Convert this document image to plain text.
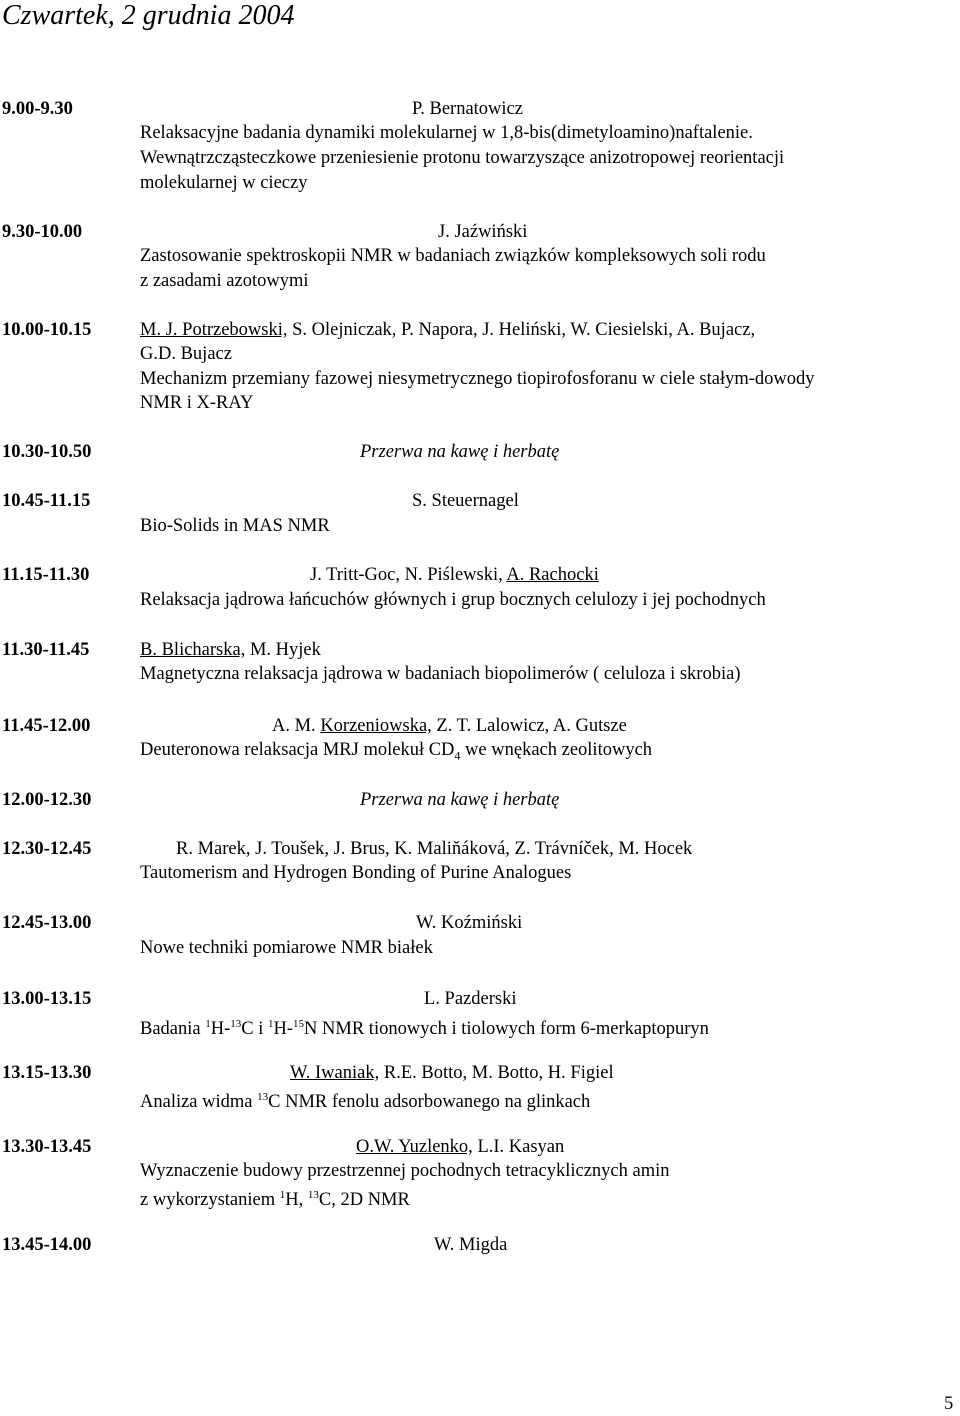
Czwartek, 2 grudnia 2004
9.00-9.30	P. Bernatowicz
Relaksacyjne badania dynamiki molekularnej w 1,8-bis(dimetyloamino)naftalenie.
Wewnątrzcząsteczkowe przeniesienie protonu towarzyszące anizotropowej reorientacji
molekularnej w cieczy
9.30-10.00	J. Jaźwiński
Zastosowanie spektroskopii NMR w badaniach związków kompleksowych soli rodu
z zasadami azotowymi
10.00-10.15	M. J. Potrzebowski, S. Olejniczak, P. Napora, J. Heliński, W. Ciesielski, A. Bujacz,
G.D. Bujacz
Mechanizm przemiany fazowej niesymetrycznego tiopirofosforanu w ciele stałym-dowody
NMR i X-RAY
10.30-10.50	Przerwa na kawę i herbatę
10.45-11.15	S. Steuernagel
Bio-Solids in MAS NMR
11.15-11.30	J. Tritt-Goc, N. Piślewski, A. Rachocki
Relaksacja jądrowa łańcuchów głównych i grup bocznych celulozy i jej pochodnych
11.30-11.45	B. Blicharska, M. Hyjek
Magnetyczna relaksacja jądrowa w badaniach biopolimerów ( celuloza i skrobia)
11.45-12.00	A. M. Korzeniowska, Z. T. Lalowicz, A. Gutsze
Deuteronowa relaksacja MRJ molekuł $CD_4$ we wnękach zeolitowych
12.00-12.30	Przerwa na kawę i herbatę
12.30-12.45	R. Marek, J. Toušek, J. Brus, K. Maliňáková, Z. Trávníček, M. Hocek
Tautomerism and Hydrogen Bonding of Purine Analogues
12.45-13.00	W. Koźmiński
Nowe techniki pomiarowe NMR białek
13.00-13.15	L. Pazderski
Badania $^1$H-$^{13}$C i $^1$H-$^{15}$N NMR tionowych i tiolowych form 6-merkaptopuryn
13.15-13.30	W. Iwaniak, R.E. Botto, M. Botto, H. Figiel
Analiza widma $^{13}$C NMR fenolu adsorbowanego na glinkach
13.30-13.45	O.W. Yuzlenko, L.I. Kasyan
Wyznaczenie budowy przestrzennej pochodnych tetracyklicznych amin
z wykorzystaniem $^1$H, $^{13}$C, 2D NMR
13.45-14.00	W. Migda
5
